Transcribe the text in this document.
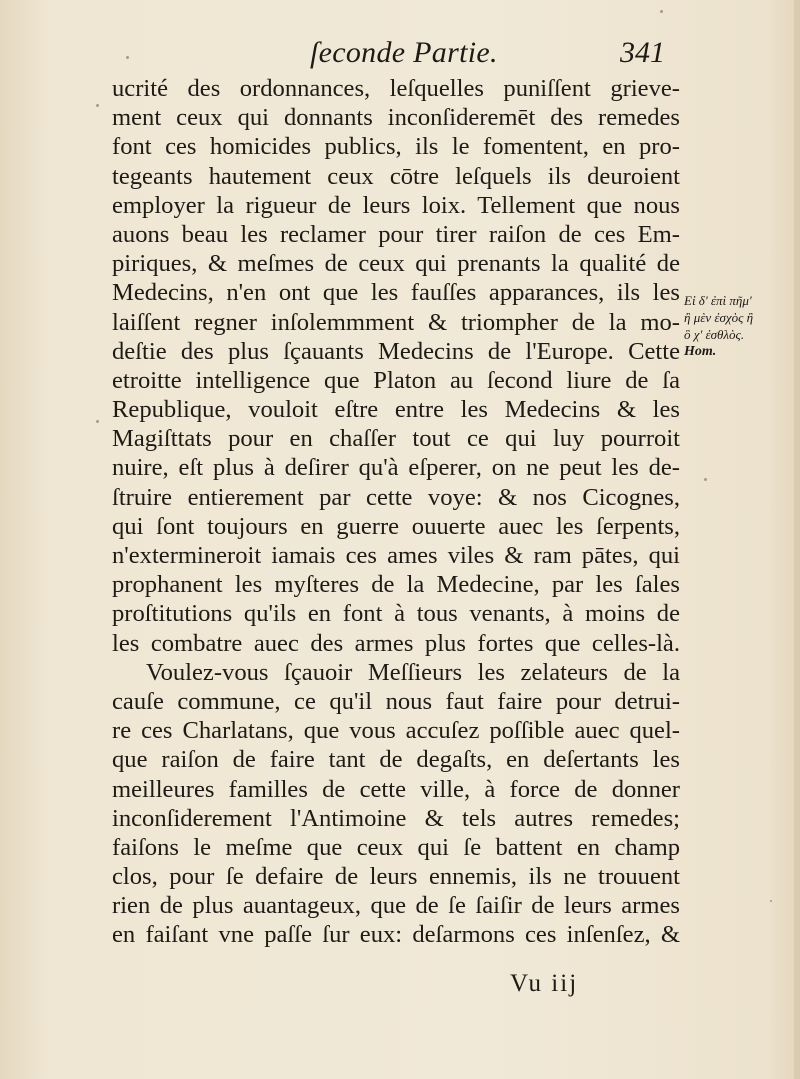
ſeconde Partie.	341
ucrité des ordonnances, leſquelles puniſſent grieve-
ment ceux qui donnants inconſideremēt des remedes
font ces homicides publics, ils le fomentent, en pro-
tegeants hautement ceux cōtre leſquels ils deuroient
employer la rigueur de leurs loix. Tellement que nous
auons beau les reclamer pour tirer raiſon de ces Em-
piriques, & meſmes de ceux qui prenants la qualité de
Medecins, n'en ont que les fauſſes apparances, ils les
laiſſent regner inſolemmment & triompher de la mo-
deſtie des plus ſçauants Medecins de l'Europe. Cette
etroitte intelligence que Platon au ſecond liure de ſa
Republique, vouloit eſtre entre les Medecins & les
Magiſttats pour en chaſſer tout ce qui luy pourroit
nuire, eſt plus à deſirer qu'à eſperer, on ne peut les de-
ſtruire entierement par cette voye: & nos Cicognes,
qui ſont toujours en guerre ouuerte auec les ſerpents,
n'extermineroit iamais ces ames viles & ram pātes, qui
prophanent les myſteres de la Medecine, par les ſales
proſtitutions qu'ils en font à tous venants, à moins de
les combatre auec des armes plus fortes que celles-là.
Voulez-vous ſçauoir Meſſieurs les zelateurs de la
cauſe commune, ce qu'il nous faut faire pour detrui-
re ces Charlatans, que vous accuſez poſſible auec quel-
que raiſon de faire tant de degaſts, en deſertants les
meilleures familles de cette ville, à force de donner
inconſiderement l'Antimoine & tels autres remedes;
faiſons le meſme que ceux qui ſe battent en champ
clos, pour ſe defaire de leurs ennemis, ils ne trouuent
rien de plus auantageux, que de ſe ſaiſir de leurs armes
en faiſant vne paſſe ſur eux: deſarmons ces inſenſez, &
Eἰ δ' ἐπὶ πῆμ'
ἢ μὲν ἐσχὸς ἢ
ὃ χ' ἐσθλὸς.
Hom.
Vu iij
